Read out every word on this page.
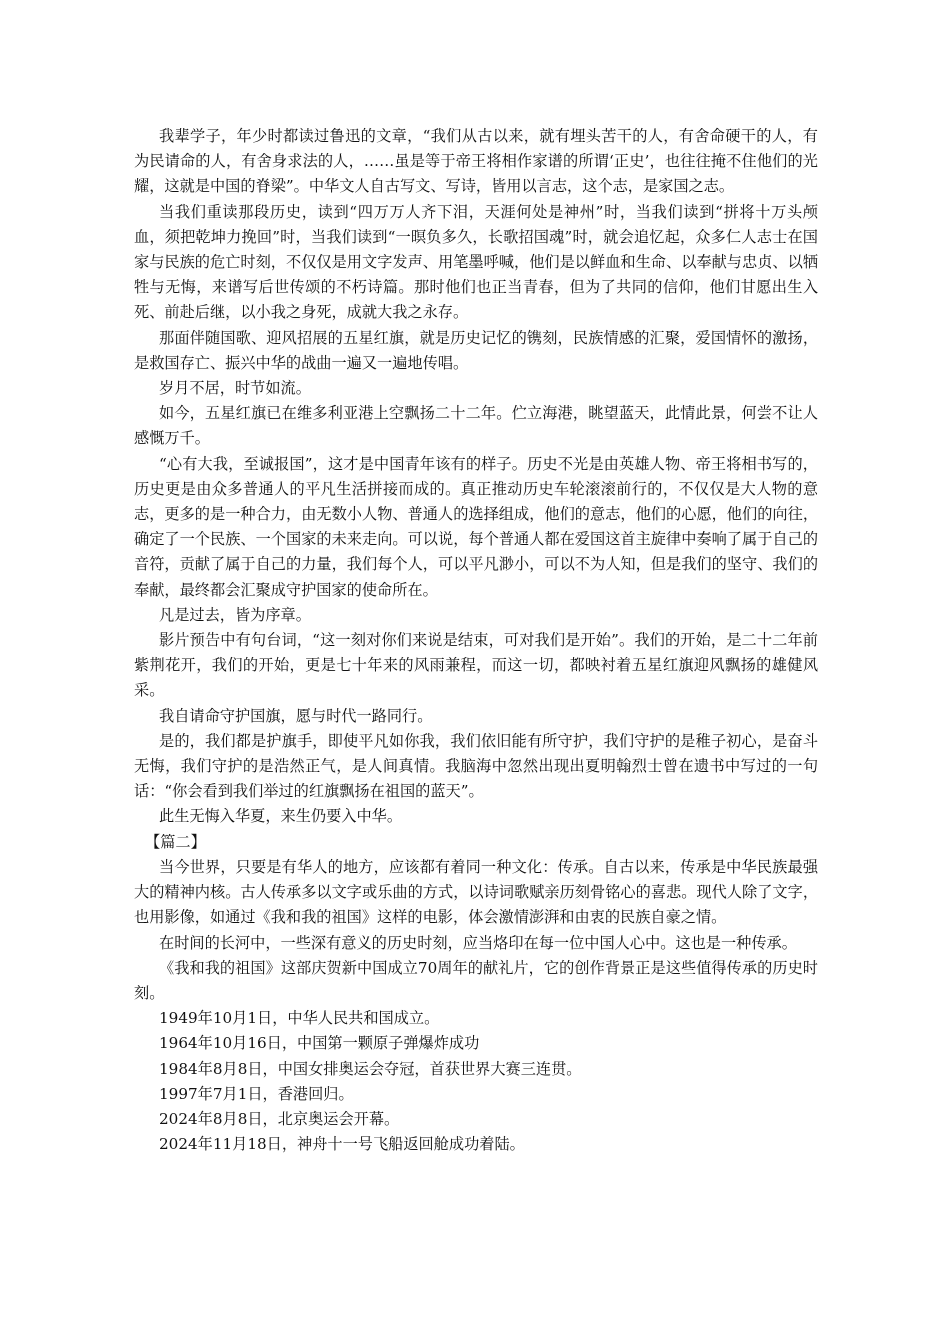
我辈学子，年少时都读过鲁迅的文章，“我们从古以来，就有埋头苦干的人，有舍命硬干的人，有为民请命的人，有舍身求法的人，……虽是等于帝王将相作家谱的所谓‘正史’，也往往掩不住他们的光耀，这就是中国的脊梁”。中华文人自古写文、写诗，皆用以言志，这个志，是家国之志。

当我们重读那段历史，读到“四万万人齐下泪，天涯何处是神州”时，当我们读到“拼将十万头颅血，须把乾坤力挽回”时，当我们读到“一暝负多久，长歌招国魂”时，就会追忆起，众多仁人志士在国家与民族的危亡时刻，不仅仅是用文字发声、用笔墨呼喊，他们是以鲜血和生命、以奉献与忠贞、以牺牲与无悔，来谱写后世传颂的不朽诗篇。那时他们也正当青春，但为了共同的信仰，他们甘愿出生入死、前赴后继，以小我之身死，成就大我之永存。

那面伴随国歌、迎风招展的五星红旗，就是历史记忆的镌刻，民族情感的汇聚，爱国情怀的激扬，是救国存亡、振兴中华的战曲一遍又一遍地传唱。

岁月不居，时节如流。

如今，五星红旗已在维多利亚港上空飘扬二十二年。伫立海港，眺望蓝天，此情此景，何尝不让人感慨万千。

“心有大我，至诚报国”，这才是中国青年该有的样子。历史不光是由英雄人物、帝王将相书写的，历史更是由众多普通人的平凡生活拼接而成的。真正推动历史车轮滚滚前行的，不仅仅是大人物的意志，更多的是一种合力，由无数小人物、普通人的选择组成，他们的意志，他们的心愿，他们的向往，确定了一个民族、一个国家的未来走向。可以说，每个普通人都在爱国这首主旋律中奏响了属于自己的音符，贡献了属于自己的力量，我们每个人，可以平凡渺小，可以不为人知，但是我们的坚守、我们的奉献，最终都会汇聚成守护国家的使命所在。

凡是过去，皆为序章。

影片预告中有句台词，“这一刻对你们来说是结束，可对我们是开始”。我们的开始，是二十二年前紫荆花开，我们的开始，更是七十年来的风雨兼程，而这一切，都映衬着五星红旗迎风飘扬的雄健风采。

我自请命守护国旗，愿与时代一路同行。

是的，我们都是护旗手，即使平凡如你我，我们依旧能有所守护，我们守护的是稚子初心，是奋斗无悔，我们守护的是浩然正气，是人间真情。我脑海中忽然出现出夏明翰烈士曾在遗书中写过的一句话：“你会看到我们举过的红旗飘扬在祖国的蓝天”。

此生无悔入华夏，来生仍要入中华。

【篇二】

当今世界，只要是有华人的地方，应该都有着同一种文化：传承。自古以来，传承是中华民族最强大的精神内核。古人传承多以文字或乐曲的方式，以诗词歌赋亲历刻骨铭心的喜悲。现代人除了文字，也用影像，如通过《我和我的祖国》这样的电影，体会激情澎湃和由衷的民族自豪之情。

在时间的长河中，一些深有意义的历史时刻，应当烙印在每一位中国人心中。这也是一种传承。

《我和我的祖国》这部庆贺新中国成立70周年的献礼片，它的创作背景正是这些值得传承的历史时刻。

1949年10月1日，中华人民共和国成立。

1964年10月16日，中国第一颗原子弹爆炸成功

1984年8月8日，中国女排奥运会夺冠，首获世界大赛三连贯。

1997年7月1日，香港回归。

2024年8月8日，北京奥运会开幕。

2024年11月18日，神舟十一号飞船返回舱成功着陆。
